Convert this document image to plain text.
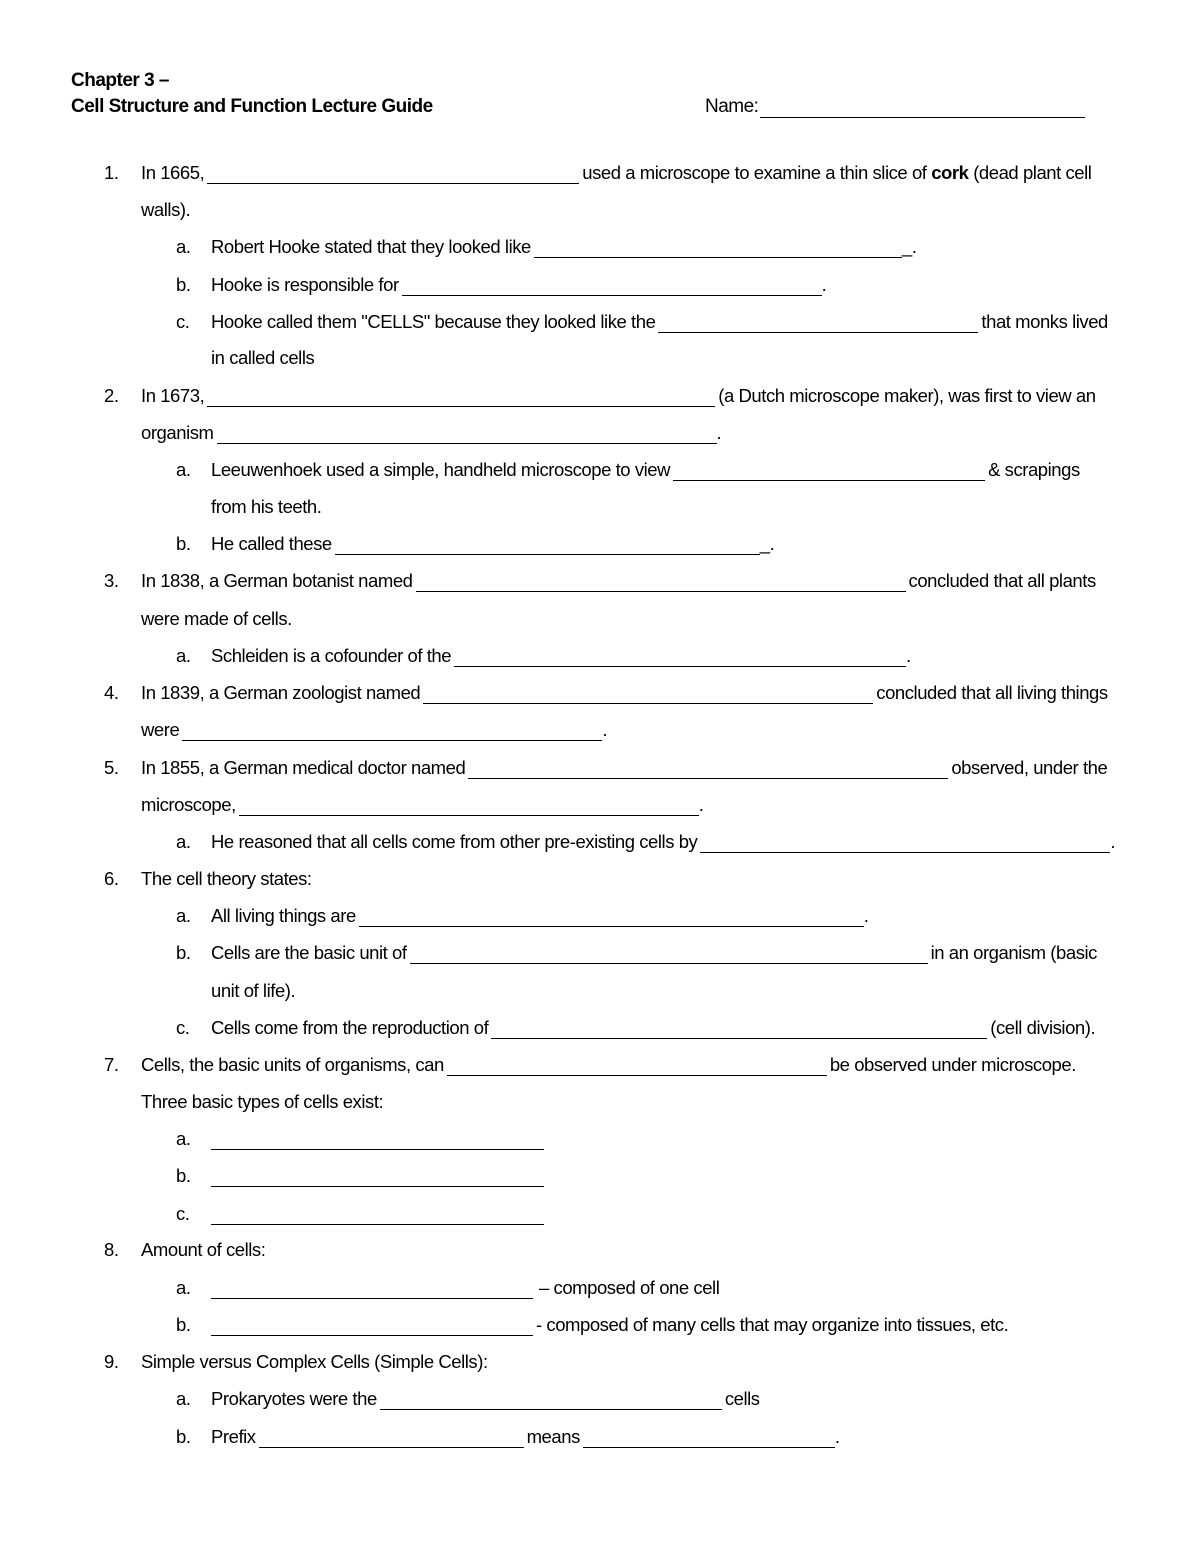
Chapter 3 –
Cell Structure and Function Lecture Guide	Name:
1.	In 1665,	used a microscope to examine a thin slice of
cork
(dead plant cell
walls).
a.	Robert Hooke stated that they looked like	_.
b.	Hooke is responsible for	.
c.	Hooke called them "CELLS" because they looked like the	that monks lived
in called cells
2.	In 1673,	(a Dutch microscope maker), was first to view an
organism	.
a.	Leeuwenhoek used a simple, handheld microscope to view	& scrapings
from his teeth.
b.	He called these	_.
3.	In 1838, a German botanist named	concluded that all plants
were made of cells.
a.	Schleiden is a cofounder of the	.
4.	In 1839, a German zoologist named	concluded that all living things
were	.
5.	In 1855, a German medical doctor named	observed, under the
microscope,	.
a.	He reasoned that all cells come from other pre-existing cells by	.
6.	The cell theory states:
a.	All living things are	.
b.	Cells are the basic unit of	in an organism (basic
unit of life).
c.	Cells come from the reproduction of	(cell division).
7.	Cells, the basic units of organisms, can	be observed under microscope.
Three basic types of cells exist:
a.
b.
c.
8.	Amount of cells:
a.	– composed of one cell
b.	- composed of many cells that may organize into tissues, etc.
9.	Simple versus Complex Cells (Simple Cells):
a.	Prokaryotes were the	cells
b.	Prefix	means	.
